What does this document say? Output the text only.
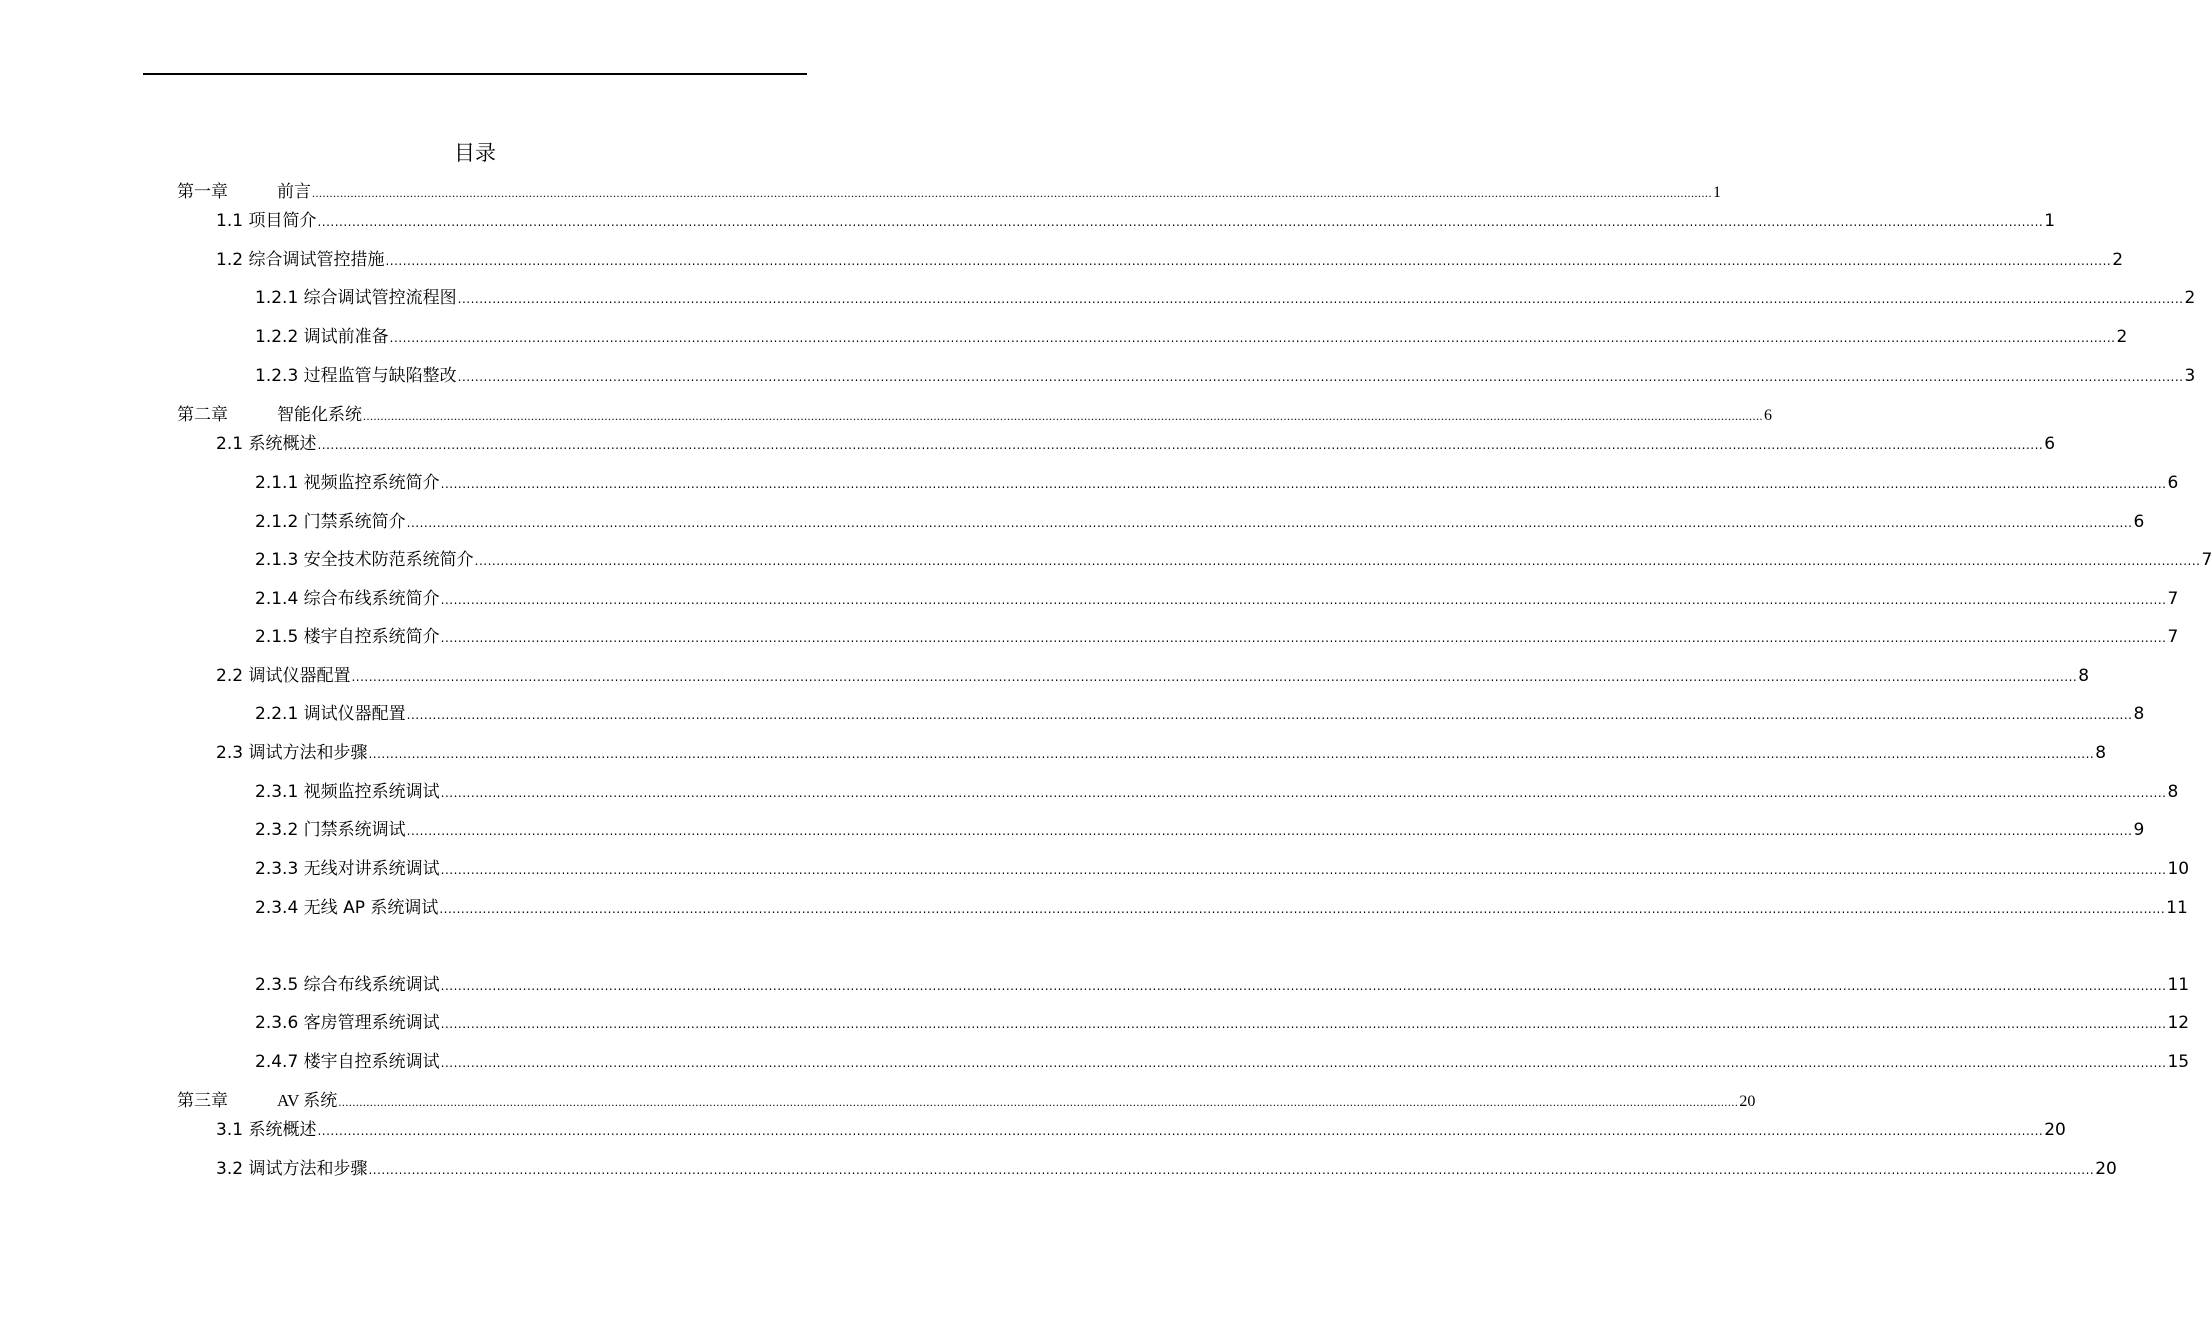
目录
第一章	前言 ................................................................................................................................................................................................................................................................................................................................................................................................................ 1
1.1 项目简介 ................................................................................................................................................................................................................................................................................................................................................................................................................ 1
1.2 综合调试管控措施 ................................................................................................................................................................................................................................................................................................................................................................................................................ 2
1.2.1 综合调试管控流程图 ................................................................................................................................................................................................................................................................................................................................................................................................................ 2
1.2.2 调试前准备 ................................................................................................................................................................................................................................................................................................................................................................................................................ 2
1.2.3 过程监管与缺陷整改 ................................................................................................................................................................................................................................................................................................................................................................................................................ 3
第二章	智能化系统 ................................................................................................................................................................................................................................................................................................................................................................................................................ 6
2.1 系统概述 ................................................................................................................................................................................................................................................................................................................................................................................................................ 6
2.1.1 视频监控系统简介 ................................................................................................................................................................................................................................................................................................................................................................................................................ 6
2.1.2 门禁系统简介 ................................................................................................................................................................................................................................................................................................................................................................................................................ 6
2.1.3 安全技术防范系统简介 ................................................................................................................................................................................................................................................................................................................................................................................................................ 7
2.1.4 综合布线系统简介 ................................................................................................................................................................................................................................................................................................................................................................................................................ 7
2.1.5 楼宇自控系统简介 ................................................................................................................................................................................................................................................................................................................................................................................................................ 7
2.2 调试仪器配置 ................................................................................................................................................................................................................................................................................................................................................................................................................ 8
2.2.1 调试仪器配置 ................................................................................................................................................................................................................................................................................................................................................................................................................ 8
2.3 调试方法和步骤 ................................................................................................................................................................................................................................................................................................................................................................................................................ 8
2.3.1 视频监控系统调试 ................................................................................................................................................................................................................................................................................................................................................................................................................ 8
2.3.2 门禁系统调试 ................................................................................................................................................................................................................................................................................................................................................................................................................ 9
2.3.3 无线对讲系统调试 ................................................................................................................................................................................................................................................................................................................................................................................................................ 10
2.3.4 无线 AP 系统调试 ................................................................................................................................................................................................................................................................................................................................................................................................................ 11
2.3.5 综合布线系统调试 ................................................................................................................................................................................................................................................................................................................................................................................................................ 11
2.3.6 客房管理系统调试 ................................................................................................................................................................................................................................................................................................................................................................................................................ 12
2.4.7 楼宇自控系统调试 ................................................................................................................................................................................................................................................................................................................................................................................................................ 15
第三章	AV 系统 ................................................................................................................................................................................................................................................................................................................................................................................................................ 20
3.1 系统概述 ................................................................................................................................................................................................................................................................................................................................................................................................................ 20
3.2 调试方法和步骤 ................................................................................................................................................................................................................................................................................................................................................................................................................ 20
